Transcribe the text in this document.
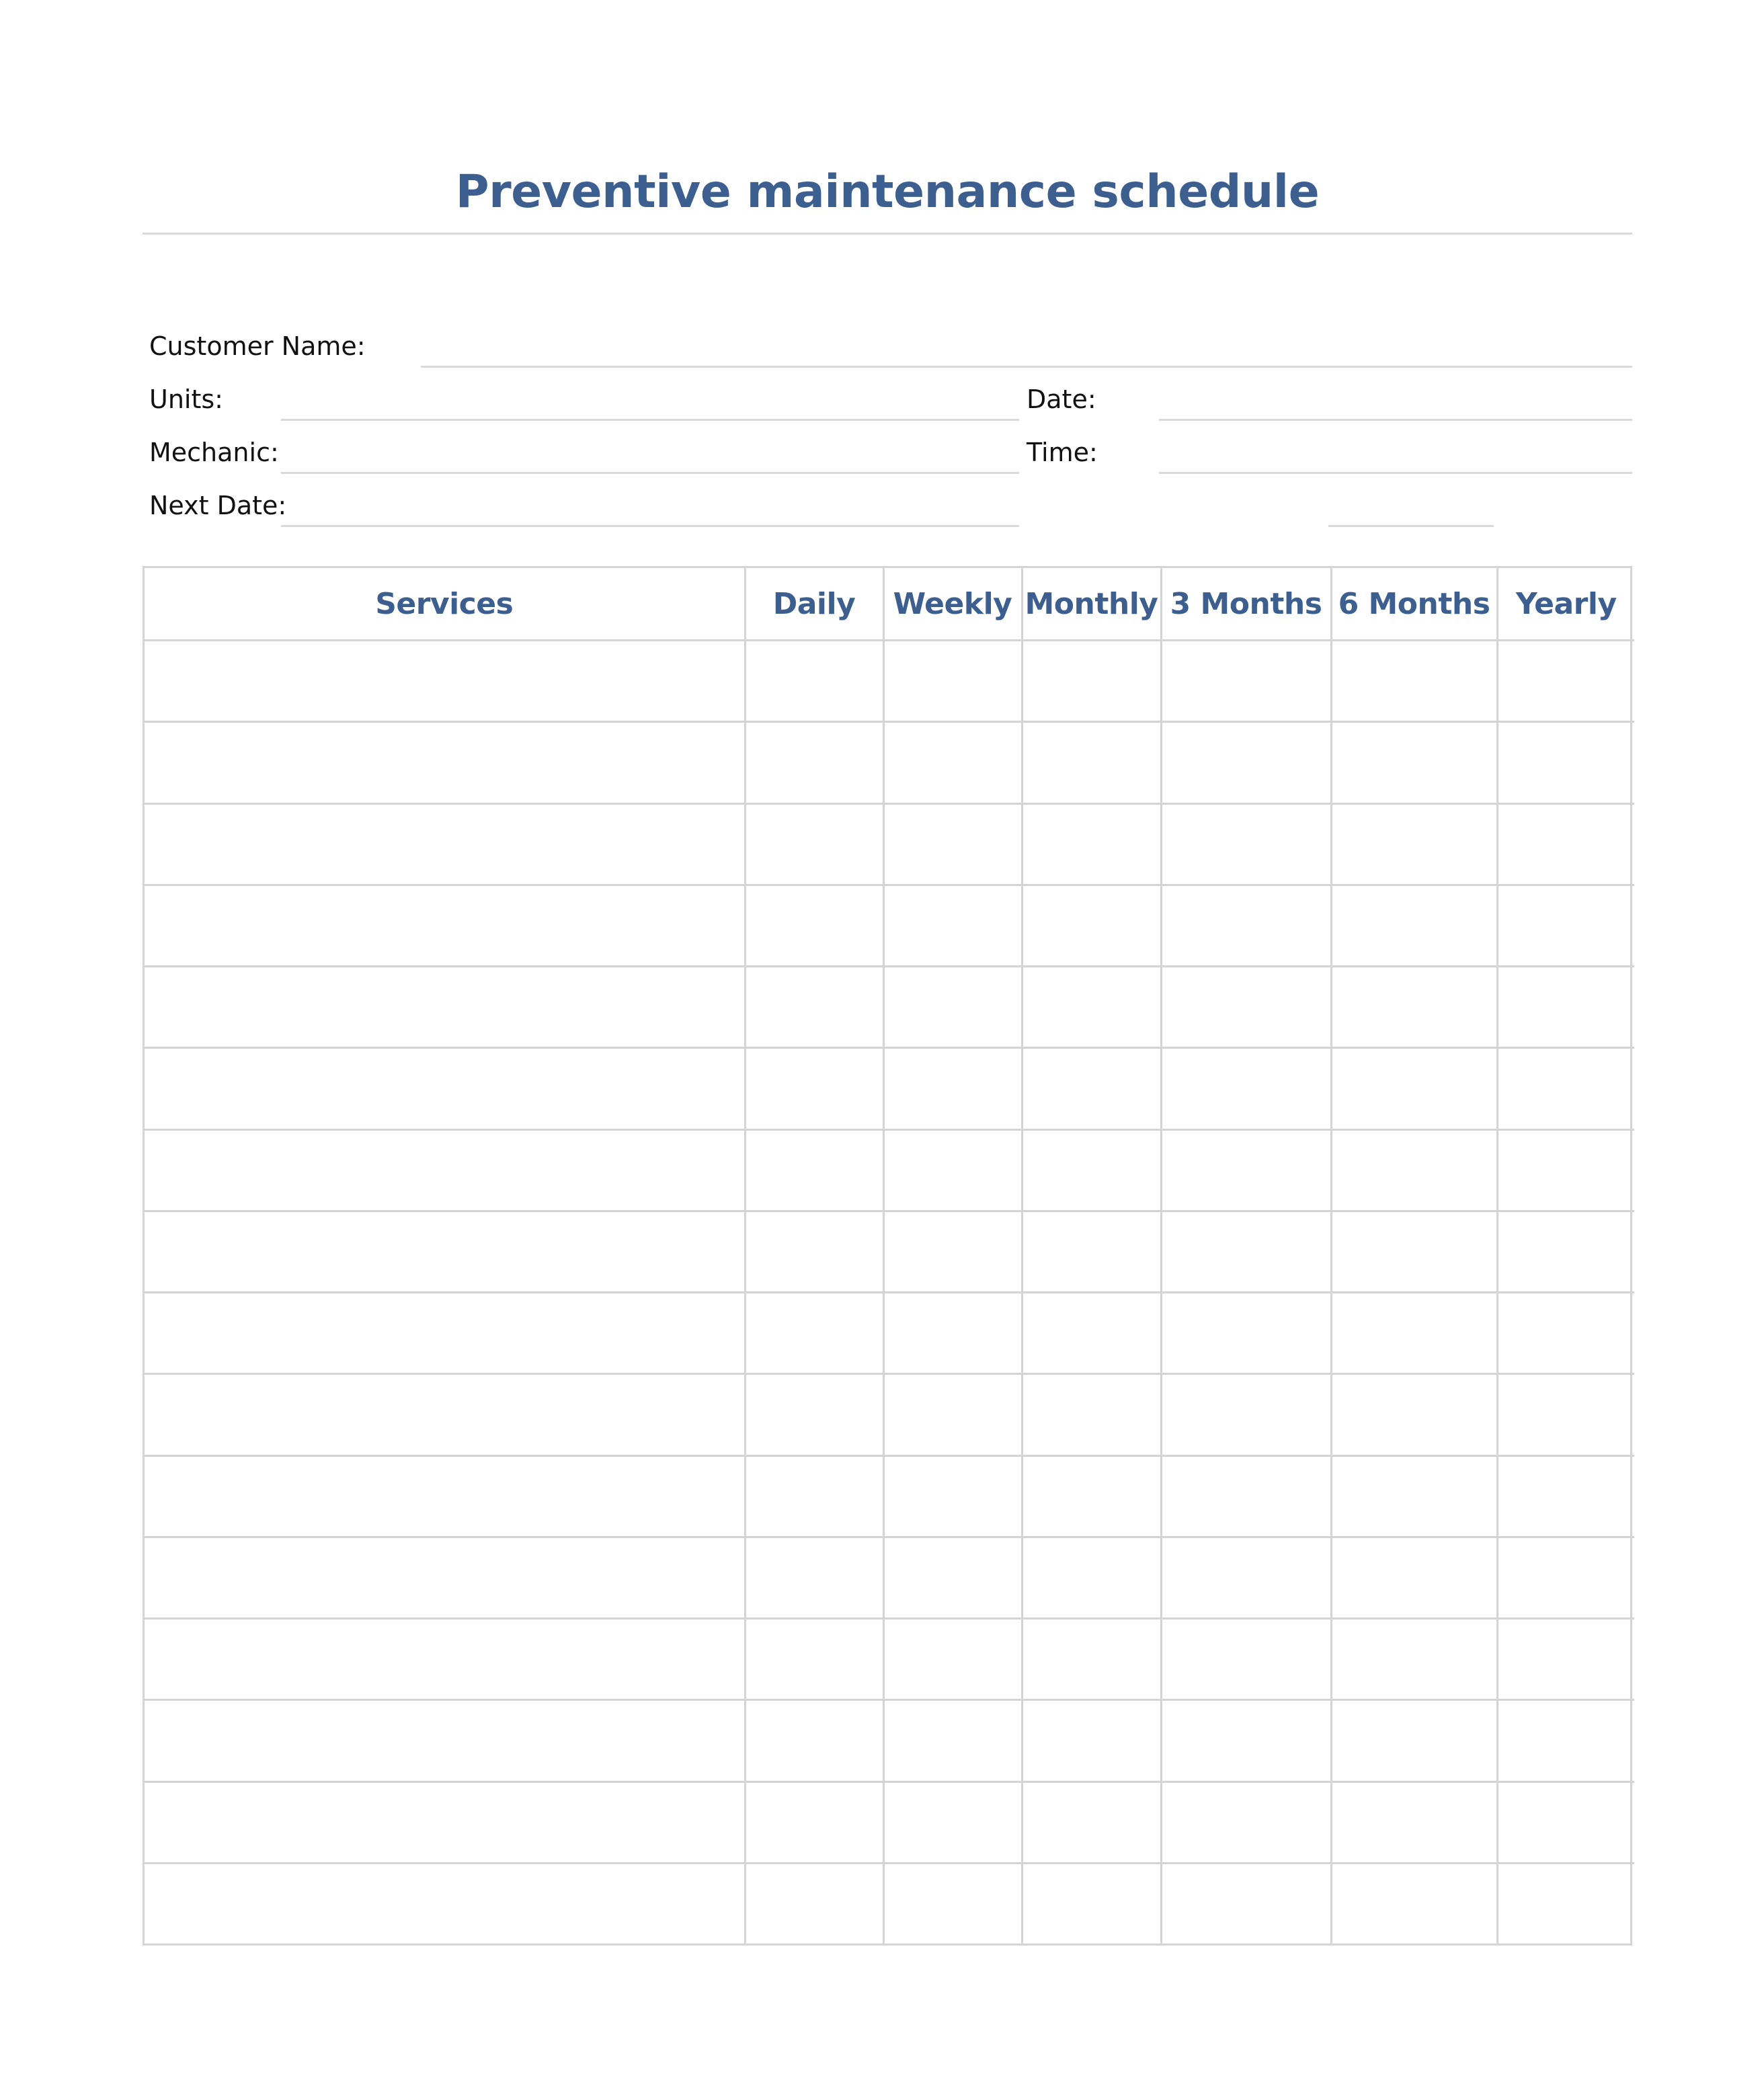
Preventive maintenance schedule
Customer Name:
Units:	Date:
Mechanic:	Time:
Next Date:
Services	Daily	Weekly	Monthly	3 Months	6 Months	Yearly
